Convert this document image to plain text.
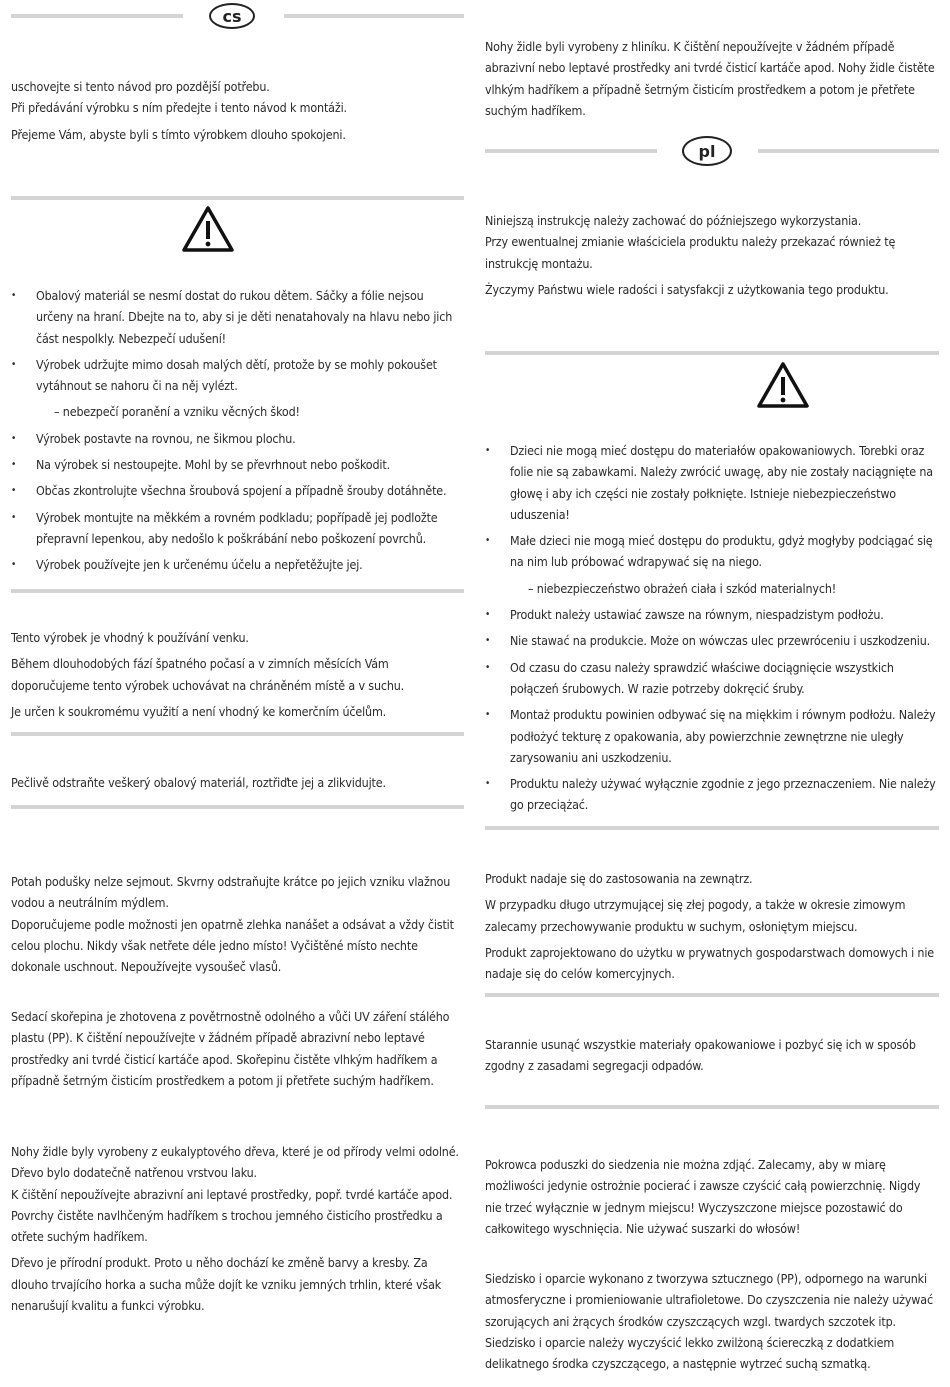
cs

uschovejte si tento návod pro pozdější potřebu.

Při předávání výrobku s ním předejte i tento návod k montáži.

Přejeme Vám, abyste byli s tímto výrobkem dlouho spokojeni.

• Obalový materiál se nesmí dostat do rukou dětem. Sáčky a fólie nejsou určeny na hraní. Dbejte na to, aby si je děti nenatahovaly na hlavu nebo jich část nespolkly. Nebezpečí udušení!
• Výrobek udržujte mimo dosah malých dětí, protože by se mohly pokoušet vytáhnout se nahoru či na něj vylézt.
– nebezpečí poranění a vzniku věcných škod!
• Výrobek postavte na rovnou, ne šikmou plochu.
• Na výrobek si nestoupejte. Mohl by se převrhnout nebo poškodit.
• Občas zkontrolujte všechna šroubová spojení a případně šrouby dotáhněte.
• Výrobek montujte na měkkém a rovném podkladu; popřípadě jej podložte přepravní lepenkou, aby nedošlo k poškrábání nebo poškození povrchů.
• Výrobek používejte jen k určenému účelu a nepřetěžujte jej.

Tento výrobek je vhodný k používání venku.

Během dlouhodobých fází špatného počasí a v zimních měsících Vám doporučujeme tento výrobek uchovávat na chráněném místě a v suchu.

Je určen k soukromému využití a není vhodný ke komerčním účelům.

Pečlivě odstraňte veškerý obalový materiál, roztřiďte jej a zlikvidujte.

Potah podušky nelze sejmout. Skvrny odstraňujte krátce po jejich vzniku vlažnou vodou a neutrálním mýdlem.

Doporučujeme podle možnosti jen opatrně zlehka nanášet a odsávat a vždy čistit celou plochu. Nikdy však netřete déle jedno místo! Vyčištěné místo nechte dokonale uschnout. Nepoužívejte vysoušeč vlasů.

Sedací skořepina je zhotovena z povětrnostně odolného a vůči UV záření stálého plastu (PP). K čištění nepoužívejte v žádném případě abrazivní nebo leptavé prostředky ani tvrdé čisticí kartáče apod. Skořepinu čistěte vlhkým hadříkem a případně šetrným čisticím prostředkem a potom ji přetřete suchým hadříkem.

Nohy židle byly vyrobeny z eukalyptového dřeva, které je od přírody velmi odolné. Dřevo bylo dodatečně natřenou vrstvou laku.

K čištění nepoužívejte abrazivní ani leptavé prostředky, popř. tvrdé kartáče apod. Povrchy čistěte navlhčeným hadříkem s trochou jemného čisticího prostředku a otřete suchým hadříkem.

Dřevo je přírodní produkt. Proto u něho dochází ke změně barvy a kresby. Za dlouho trvajícího horka a sucha může dojít ke vzniku jemných trhlin, které však nenarušují kvalitu a funkci výrobku.

Nohy židle byli vyrobeny z hliníku. K čištění nepoužívejte v žádném případě abrazivní nebo leptavé prostředky ani tvrdé čisticí kartáče apod. Nohy židle čistěte vlhkým hadříkem a případně šetrným čisticím prostředkem a potom je přetřete suchým hadříkem.

pl

Niniejszą instrukcję należy zachować do późniejszego wykorzystania.

Przy ewentualnej zmianie właściciela produktu należy przekazać również tę instrukcję montażu.

Życzymy Państwu wiele radości i satysfakcji z użytkowania tego produktu.

• Dzieci nie mogą mieć dostępu do materiałów opakowaniowych. Torebki oraz folie nie są zabawkami. Należy zwrócić uwagę, aby nie zostały naciągnięte na głowę i aby ich części nie zostały połknięte. Istnieje niebezpieczeństwo uduszenia!
• Małe dzieci nie mogą mieć dostępu do produktu, gdyż mogłyby podciągać się na nim lub próbować wdrapywać się na niego.
– niebezpieczeństwo obrażeń ciała i szkód materialnych!
• Produkt należy ustawiać zawsze na równym, niespadzistym podłożu.
• Nie stawać na produkcie. Może on wówczas ulec przewróceniu i uszkodzeniu.
• Od czasu do czasu należy sprawdzić właściwe dociągnięcie wszystkich połączeń śrubowych. W razie potrzeby dokręcić śruby.
• Montaż produktu powinien odbywać się na miękkim i równym podłożu. Należy podłożyć tekturę z opakowania, aby powierzchnie zewnętrzne nie uległy zarysowaniu ani uszkodzeniu.
• Produktu należy używać wyłącznie zgodnie z jego przeznaczeniem. Nie należy go przeciążać.

Produkt nadaje się do zastosowania na zewnątrz.

W przypadku długo utrzymującej się złej pogody, a także w okresie zimowym zalecamy przechowywanie produktu w suchym, osłoniętym miejscu.

Produkt zaprojektowano do użytku w prywatnych gospodarstwach domowych i nie nadaje się do celów komercyjnych.

Starannie usunąć wszystkie materiały opakowaniowe i pozbyć się ich w sposób zgodny z zasadami segregacji odpadów.

Pokrowca poduszki do siedzenia nie można zdjąć. Zalecamy, aby w miarę możliwości jedynie ostrożnie pocierać i zawsze czyścić całą powierzchnię. Nigdy nie trzeć wyłącznie w jednym miejscu! Wyczyszczone miejsce pozostawić do całkowitego wyschnięcia. Nie używać suszarki do włosów!

Siedzisko i oparcie wykonano z tworzywa sztucznego (PP), odpornego na warunki atmosferyczne i promieniowanie ultrafioletowe. Do czyszczenia nie należy używać szorujących ani żrących środków czyszczących wzgl. twardych szczotek itp. Siedzisko i oparcie należy wyczyścić lekko zwilżoną ściereczką z dodatkiem delikatnego środka czyszczącego, a następnie wytrzeć suchą szmatką.
